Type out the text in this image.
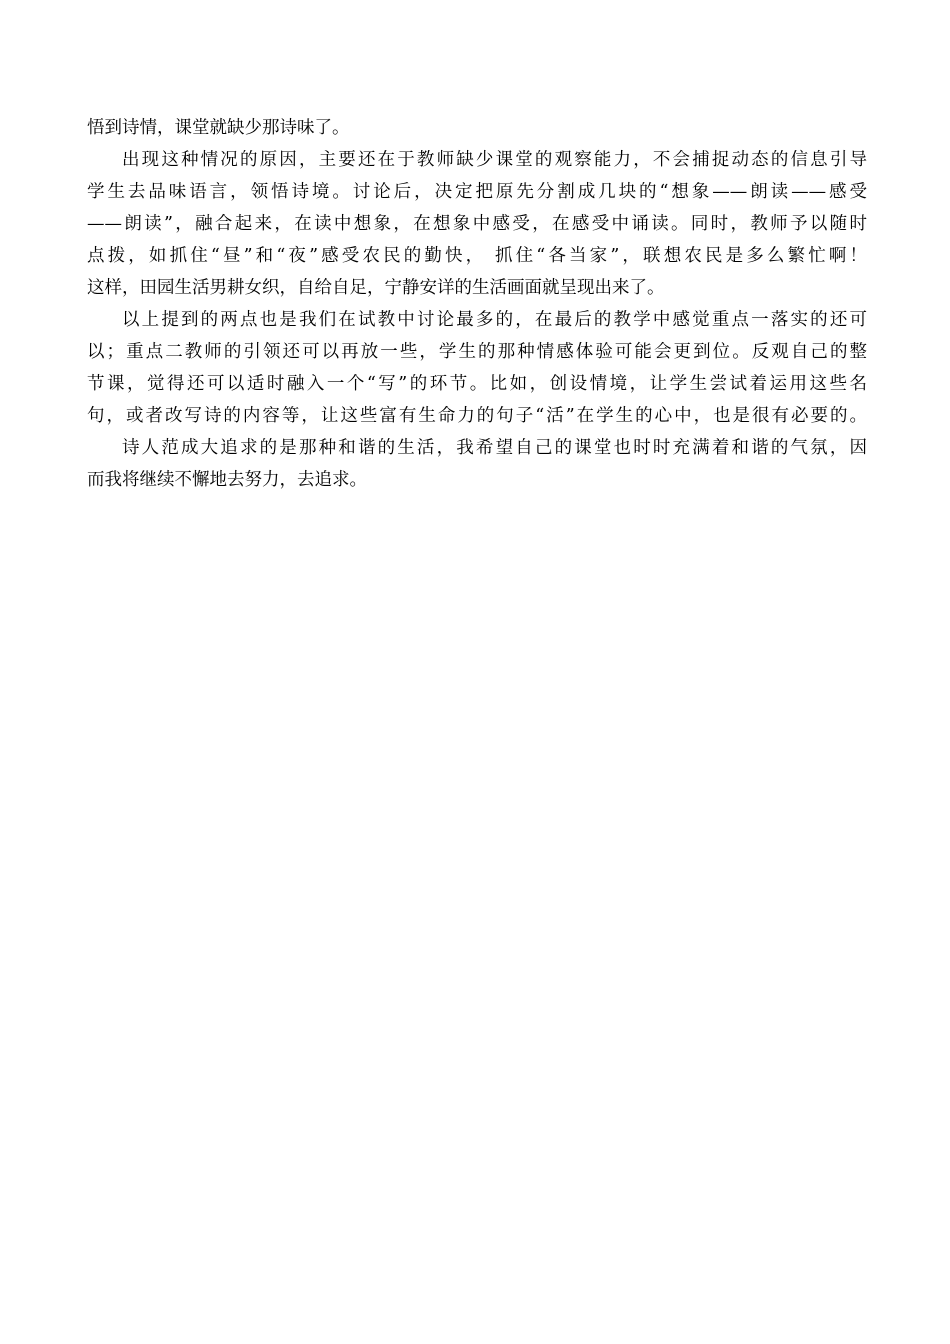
悟到诗情，课堂就缺少那诗味了。
出现这种情况的原因，主要还在于教师缺少课堂的观察能力，不会捕捉动态的信息引导
学生去品味语言，领悟诗境。讨论后，决定把原先分割成几块的“想象——朗读——感受
——朗读”，融合起来，在读中想象，在想象中感受，在感受中诵读。同时，教师予以随时
点拨，如抓住“昼”和“夜”感受农民的勤快， 抓住“各当家”，联想农民是多么繁忙啊！
这样，田园生活男耕女织，自给自足，宁静安详的生活画面就呈现出来了。
以上提到的两点也是我们在试教中讨论最多的，在最后的教学中感觉重点一落实的还可
以；重点二教师的引领还可以再放一些，学生的那种情感体验可能会更到位。反观自己的整
节课，觉得还可以适时融入一个“写”的环节。比如，创设情境，让学生尝试着运用这些名
句，或者改写诗的内容等，让这些富有生命力的句子“活”在学生的心中，也是很有必要的。
诗人范成大追求的是那种和谐的生活，我希望自己的课堂也时时充满着和谐的气氛，因
而我将继续不懈地去努力，去追求。
